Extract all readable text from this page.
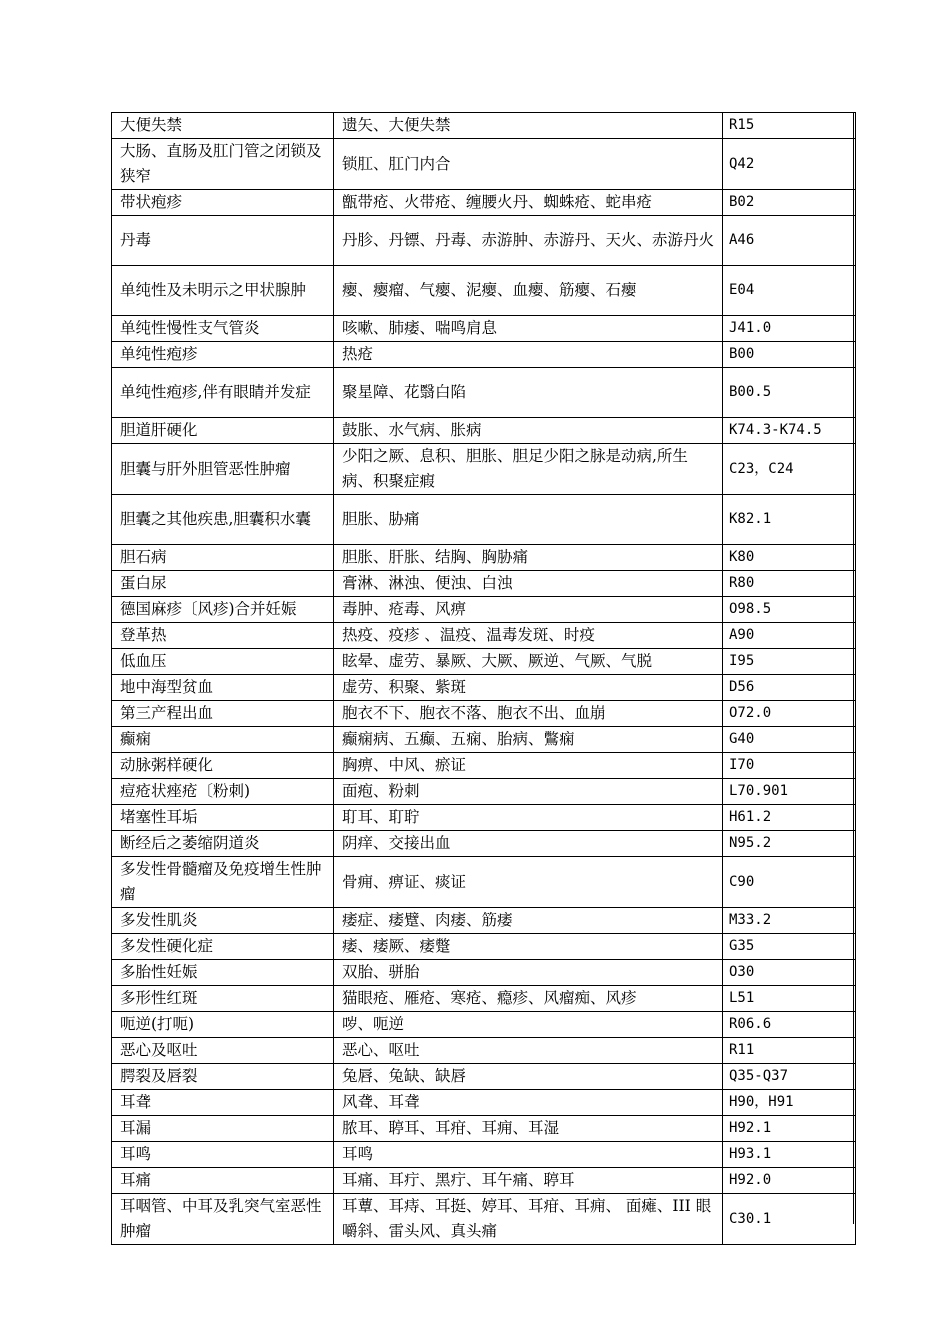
大便失禁	遗矢、大便失禁	R15
大肠、直肠及肛门管之闭锁及狭窄	锁肛、肛门内合	Q42
带状疱疹	甑带疮、火带疮、缠腰火丹、蜘蛛疮、蛇串疮	B02
丹毒	丹胗、丹镖、丹毒、赤游肿、赤游丹、天火、赤游丹火	A46
单纯性及未明示之甲状腺肿	瘿、瘿瘤、气瘿、泥瘿、血瘿、筋瘿、石瘿	E04
单纯性慢性支气管炎	咳嗽、肺痿、喘鸣肩息	J41.0
单纯性疱疹	热疮	B00
单纯性疱疹,伴有眼睛并发症	聚星障、花翳白陷	B00.5
胆道肝硬化	鼓胀、水气病、胀病	K74.3-K74.5
胆囊与肝外胆管恶性肿瘤	少阳之厥、息积、胆胀、胆足少阳之脉是动病,所生病、积聚症瘕	C23，C24
胆囊之其他疾患,胆囊积水囊	胆胀、胁痛	K82.1
胆石病	胆胀、肝胀、结胸、胸胁痛	K80
蛋白尿	膏淋、淋浊、便浊、白浊	R80
德国麻疹〔风疹)合并妊娠	毒肿、疮毒、风痹	O98.5
登革热	热疫、疫疹 、温疫、温毒发斑、时疫	A90
低血压	眩晕、虚劳、暴厥、大厥、厥逆、气厥、气脱	I95
地中海型贫血	虚劳、积聚、紫斑	D56
第三产程出血	胞衣不下、胞衣不落、胞衣不出、血崩	O72.0
癫痫	癫痫病、五癫、五痫、胎病、鷩痫	G40
动脉粥样硬化	胸痹、中风、瘀证	I70
痘疮状痤疮〔粉刺)	面疱、粉刺	L70.901
堵塞性耳垢	耵耳、耵聍	H61.2
断经后之萎缩阴道炎	阴痒、交接出血	N95.2
多发性骨髓瘤及免疫增生性肿瘤	骨痈、痹证、痰证	C90
多发性肌炎	痿症、痿躄、肉痿、筋痿	M33.2
多发性硬化症	痿、痿厥、痿蹩	G35
多胎性妊娠	双胎、骈胎	O30
多形性红斑	猫眼疮、雁疮、寒疮、瘾疹、风瘤痴、风疹	L51
呃逆(打呃)	哕、呃逆	R06.6
恶心及呕吐	恶心、呕吐	R11
腭裂及唇裂	兔唇、兔缺、缺唇	Q35-Q37
耳聋	风聋、耳聋	H90，H91
耳漏	脓耳、聤耳、耳疳、耳痈、耳湿	H92.1
耳鸣	耳鸣	H93.1
耳痛	耳痛、耳疔、黑疔、耳午痛、聤耳	H92.0
耳咽管、中耳及乳突气室恶性肿瘤	耳蕈、耳痔、耳挺、婷耳、耳疳、耳痈、 面瘫、III 眼嚼斜、雷头风、真头痛	C30.1
